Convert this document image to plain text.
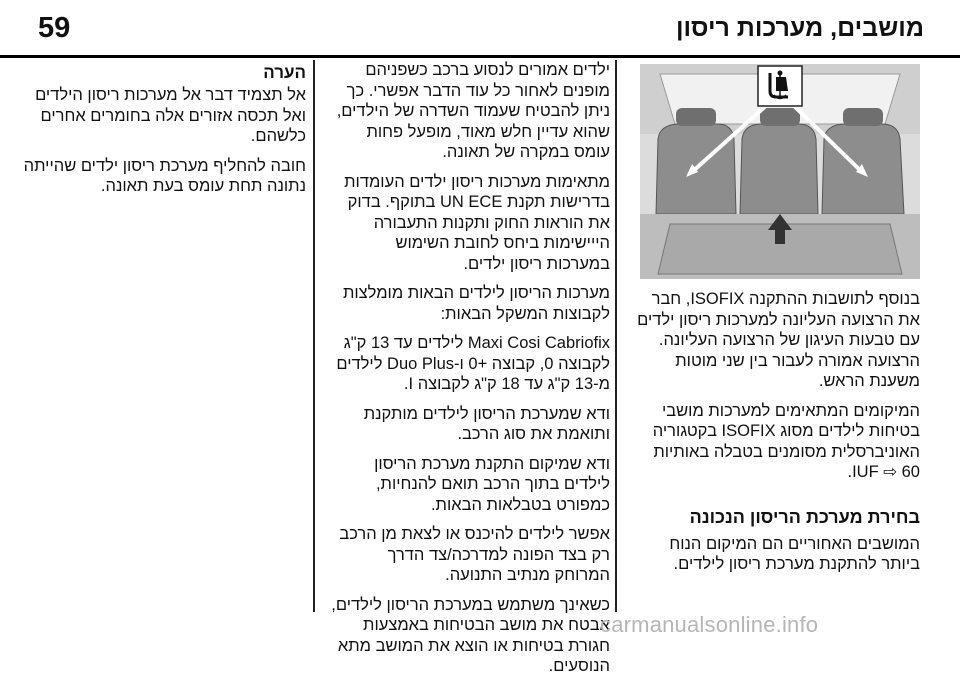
59	מושבים, מערכות ריסון

בנוסף לתושבות ההתקנה ISOFIX, חבר את הרצועה העליונה למערכות ריסון ילדים עם טבעות העיגון של הרצועה העליונה. הרצועה אמורה לעבור בין שני מוטות משענת הראש.

המיקומים המתאימים למערכות מושבי בטיחות לילדים מסוג ISOFIX בקטגוריה האוניברסלית מסומנים בטבלה באותיות IUF ⇨ 60.

בחירת מערכת הריסון הנכונה

המושבים האחוריים הם המיקום הנוח ביותר להתקנת מערכת ריסון לילדים.

ילדים אמורים לנסוע ברכב כשפניהם מופנים לאחור כל עוד הדבר אפשרי. כך ניתן להבטיח שעמוד השדרה של הילדים, שהוא עדיין חלש מאוד, מופעל פחות עומס במקרה של תאונה.

מתאימות מערכות ריסון ילדים העומדות בדרישות תקנת UN ECE בתוקף. בדוק את הוראות החוק ותקנות התעבורה הייישימות ביחס לחובת השימוש במערכות ריסון ילדים.

מערכות הריסון לילדים הבאות מומלצות לקבוצות המשקל הבאות:

Maxi Cosi Cabriofix לילדים עד 13 ק"ג לקבוצה 0, קבוצה +0 ו-Duo Plus לילדים מ-13 ק"ג עד 18 ק"ג לקבוצה I.

ודא שמערכת הריסון לילדים מותקנת ותואמת את סוג הרכב.

ודא שמיקום התקנת מערכת הריסון לילדים בתוך הרכב תואם להנחיות, כמפורט בטבלאות הבאות.

אפשר לילדים להיכנס או לצאת מן הרכב רק בצד הפונה למדרכה/צד הדרך המרוחק מנתיב התנועה.

כשאינך משתמש במערכת הריסון לילדים, אבטח את מושב הבטיחות באמצעות חגורת בטיחות או הוצא את המושב מתא הנוסעים.

הערה

אל תצמיד דבר אל מערכות ריסון הילדים ואל תכסה אזורים אלה בחומרים אחרים כלשהם.

חובה להחליף מערכת ריסון ילדים שהייתה נתונה תחת עומס בעת תאונה.

carmanualsonline.info
